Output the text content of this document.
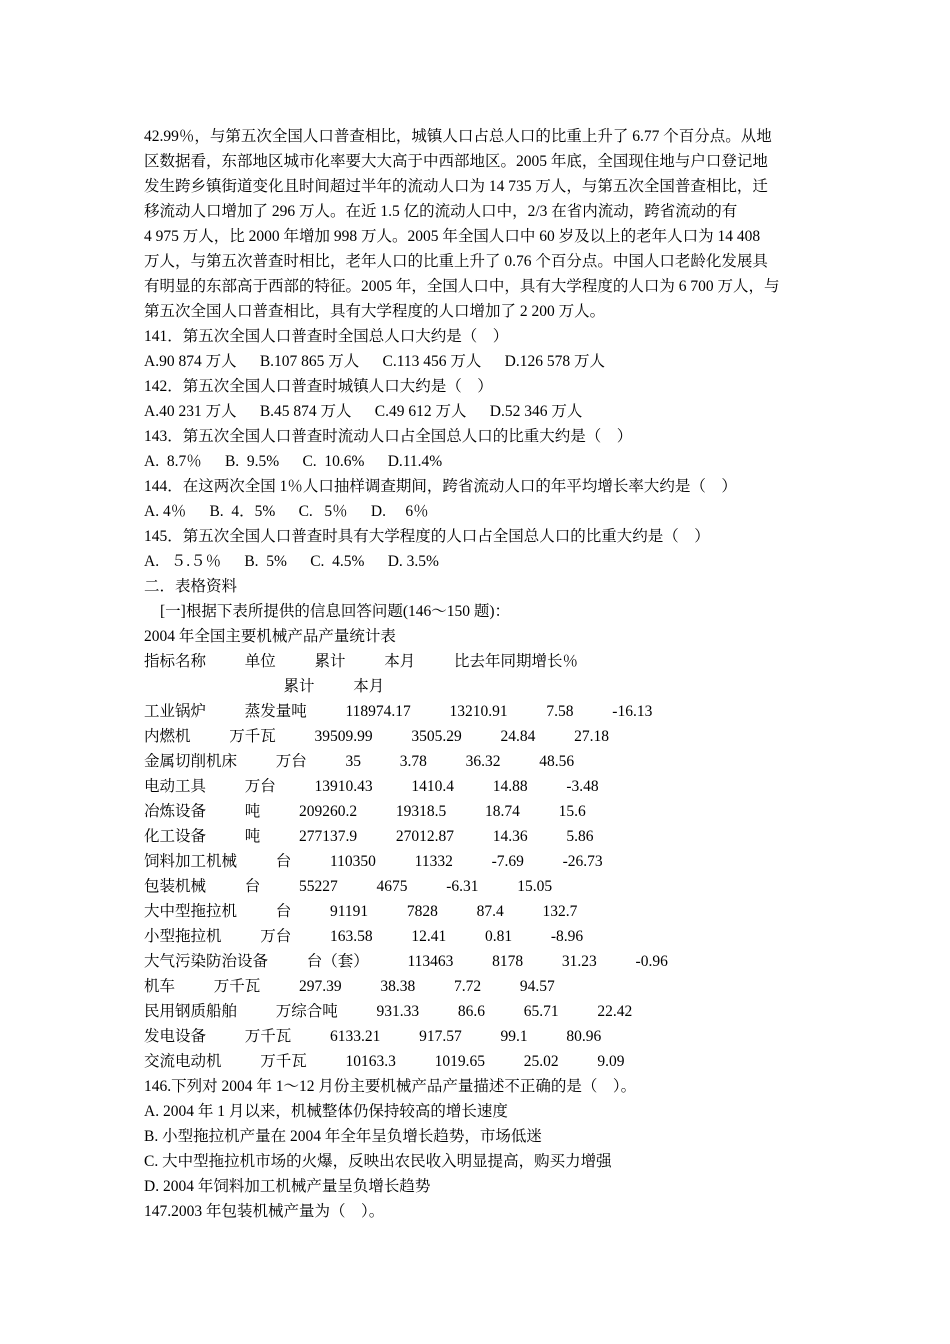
42.99％，与第五次全国人口普查相比，城镇人口占总人口的比重上升了 6.77 个百分点。从地
区数据看，东部地区城市化率要大大高于中西部地区。2005 年底，全国现住地与户口登记地
发生跨乡镇街道变化且时间超过半年的流动人口为 14 735 万人，与第五次全国普查相比，迁
移流动人口增加了 296 万人。在近 1.5 亿的流动人口中，2/3 在省内流动，跨省流动的有
4 975 万人，比 2000 年增加 998 万人。2005 年全国人口中 60 岁及以上的老年人口为 14 408
万人，与第五次普查时相比，老年人口的比重上升了 0.76 个百分点。中国人口老龄化发展具
有明显的东部高于西部的特征。2005 年，全国人口中，具有大学程度的人口为 6 700 万人，与
第五次全国人口普查相比，具有大学程度的人口增加了 2 200 万人。
141．第五次全国人口普查时全国总人口大约是（    ）
A.90 874 万人      B.107 865 万人      C.113 456 万人      D.126 578 万人
142．第五次全国人口普查时城镇人口大约是（    ）
A.40 231 万人      B.45 874 万人      C.49 612 万人      D.52 346 万人
143．第五次全国人口普查时流动人口占全国总人口的比重大约是（    ）
A.  8.7％      B.  9.5%      C.  10.6%      D.11.4%
144．在这两次全国 1％人口抽样调查期间，跨省流动人口的年平均增长率大约是（    ）
A. 4％      B.  4．5%      C.   5％      D.     6％
145．第五次全国人口普查时具有大学程度的人口占全国总人口的比重大约是（    ）
A.   ５.５％      B.  5%      C.  4.5%      D. 3.5%
二．表格资料
[一]根据下表所提供的信息回答问题(146～150 题)：
2004 年全国主要机械产品产量统计表
指标名称          单位          累计          本月          比去年同期增长％
累计          本月
工业锅炉          蒸发量吨          118974.17          13210.91          7.58          -16.13
内燃机          万千瓦          39509.99          3505.29          24.84          27.18
金属切削机床          万台          35          3.78          36.32          48.56
电动工具          万台          13910.43          1410.4          14.88          -3.48
冶炼设备          吨          209260.2          19318.5          18.74          15.6
化工设备          吨          277137.9          27012.87          14.36          5.86
饲料加工机械          台          110350          11332          -7.69          -26.73
包装机械          台          55227          4675          -6.31          15.05
大中型拖拉机          台          91191          7828          87.4          132.7
小型拖拉机          万台          163.58          12.41          0.81          -8.96
大气污染防治设备          台（套）          113463          8178          31.23          -0.96
机车          万千瓦          297.39          38.38          7.72          94.57
民用钢质船舶          万综合吨          931.33          86.6          65.71          22.42
发电设备          万千瓦          6133.21          917.57          99.1          80.96
交流电动机          万千瓦          10163.3          1019.65          25.02          9.09
146.下列对 2004 年 1～12 月份主要机械产品产量描述不正确的是（    ）。
A. 2004 年 1 月以来，机械整体仍保持较高的增长速度
B. 小型拖拉机产量在 2004 年全年呈负增长趋势，市场低迷
C. 大中型拖拉机市场的火爆，反映出农民收入明显提高，购买力增强
D. 2004 年饲料加工机械产量呈负增长趋势
147.2003 年包装机械产量为（    ）。
